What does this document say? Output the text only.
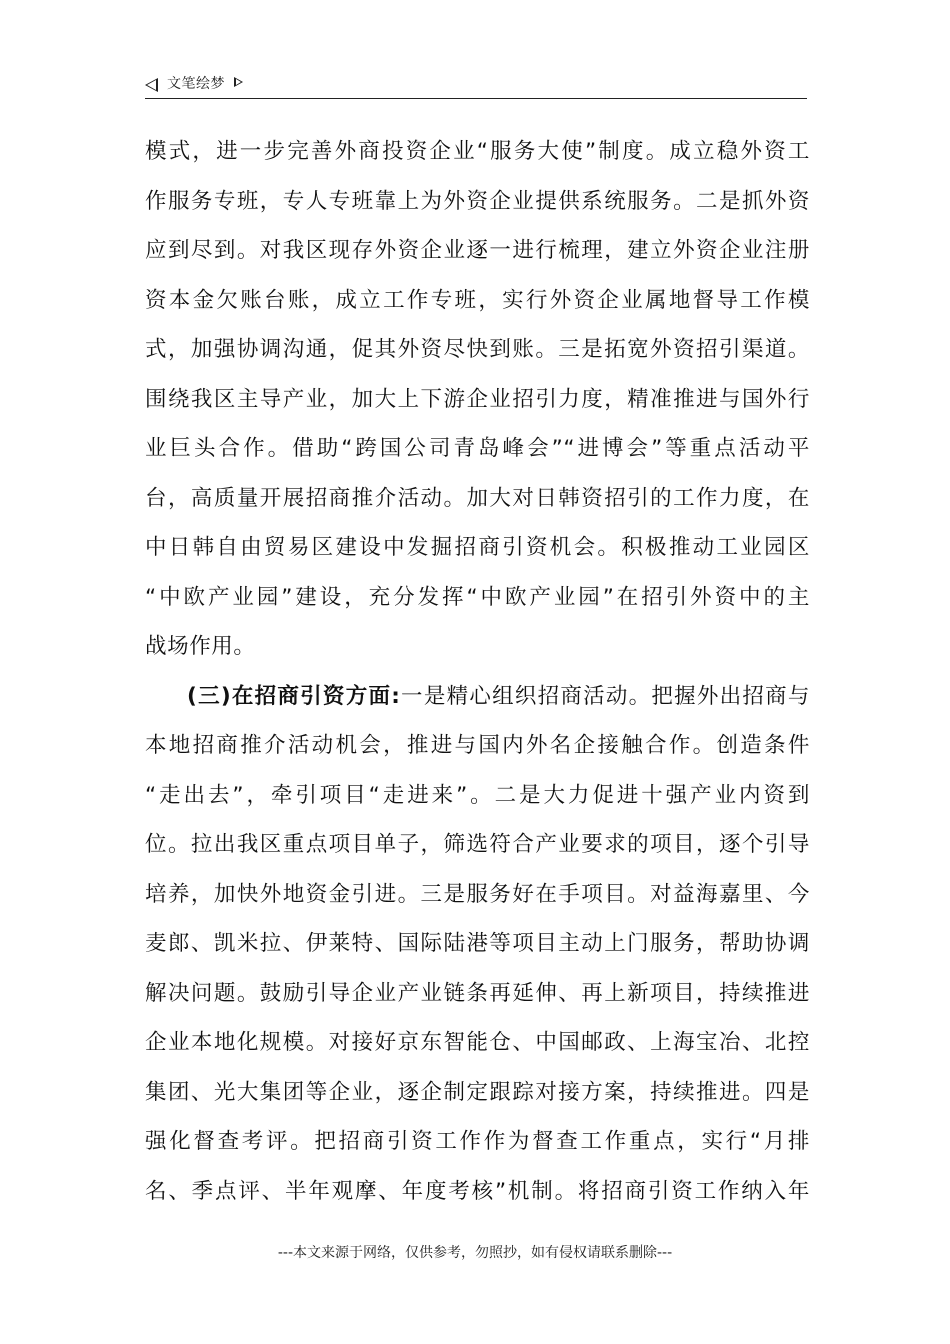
文笔绘梦
模式，进一步完善外商投资企业“服务大使”制度。成立稳外资工
作服务专班，专人专班靠上为外资企业提供系统服务。二是抓外资
应到尽到。对我区现存外资企业逐一进行梳理，建立外资企业注册
资本金欠账台账，成立工作专班，实行外资企业属地督导工作模
式，加强协调沟通，促其外资尽快到账。三是拓宽外资招引渠道。
围绕我区主导产业，加大上下游企业招引力度，精准推进与国外行
业巨头合作。借助“跨国公司青岛峰会”“进博会”等重点活动平
台，高质量开展招商推介活动。加大对日韩资招引的工作力度，在
中日韩自由贸易区建设中发掘招商引资机会。积极推动工业园区
“中欧产业园”建设，充分发挥“中欧产业园”在招引外资中的主
战场作用。
(三)在招商引资方面:一是精心组织招商活动。把握外出招商与
本地招商推介活动机会，推进与国内外名企接触合作。创造条件
“走出去”，牵引项目“走进来”。二是大力促进十强产业内资到
位。拉出我区重点项目单子，筛选符合产业要求的项目，逐个引导
培养，加快外地资金引进。三是服务好在手项目。对益海嘉里、今
麦郎、凯米拉、伊莱特、国际陆港等项目主动上门服务，帮助协调
解决问题。鼓励引导企业产业链条再延伸、再上新项目，持续推进
企业本地化规模。对接好京东智能仓、中国邮政、上海宝冶、北控
集团、光大集团等企业，逐企制定跟踪对接方案，持续推进。四是
强化督查考评。把招商引资工作作为督查工作重点，实行“月排
名、季点评、半年观摩、年度考核”机制。将招商引资工作纳入年
---本文来源于网络，仅供参考，勿照抄，如有侵权请联系删除---
